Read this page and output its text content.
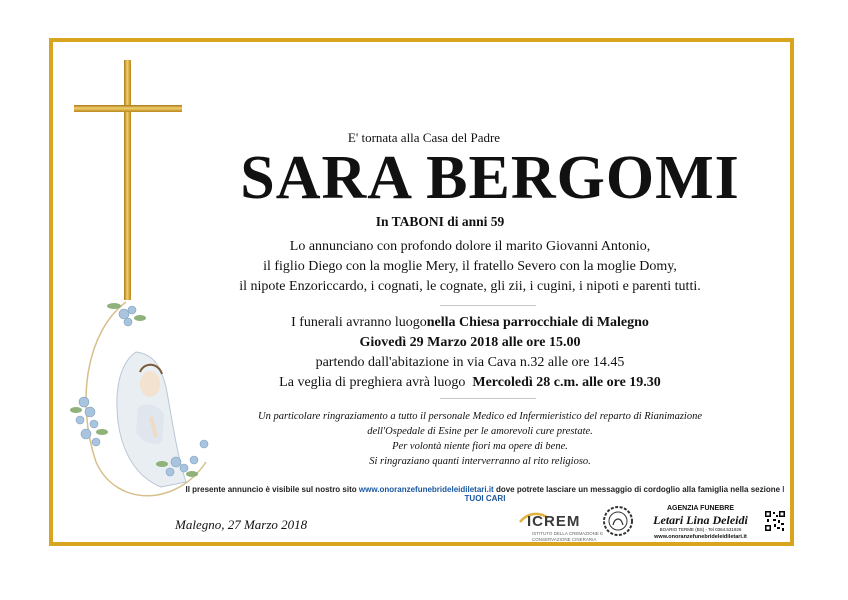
E' tornata alla Casa del Padre
SARA BERGOMI
In TABONI di anni 59
Lo annunciano con profondo dolore il marito Giovanni Antonio,
il figlio Diego con la moglie Mery, il fratello Severo con la moglie Domy,
il nipote Enzoriccardo, i cognati, le cognate, gli zii, i cugini, i nipoti e parenti tutti.
I funerali avranno luogonella Chiesa parrocchiale di Malegno
Giovedì 29 Marzo 2018 alle ore 15.00
partendo dall'abitazione in via Cava n.32 alle ore 14.45
La veglia di preghiera avrà luogo Mercoledì 28 c.m. alle ore 19.30
Un particolare ringraziamento a tutto il personale Medico ed Infermieristico del reparto di Rianimazione
dell'Ospedale di Esine per le amorevoli cure prestate.
Per volontà niente fiori ma opere di bene.
Si ringraziano quanti interverranno al rito religioso.
Il presente annuncio è visibile sul nostro sito www.onoranzefunebrideleidiletari.it dove potrete lasciare un messaggio di cordoglio alla famiglia nella sezione I TUOI CARI
Malegno, 27 Marzo 2018	ICREM
ISTITUTO DELLA CREMAZIONE E CONSERVAZIONE CINERARIA
AGENZIA FUNEBRE
Letari Lina Deleidi
BOARIO TERME (BS) - Tel 0364.531926
www.onoranzefunebrideleidiletari.it
